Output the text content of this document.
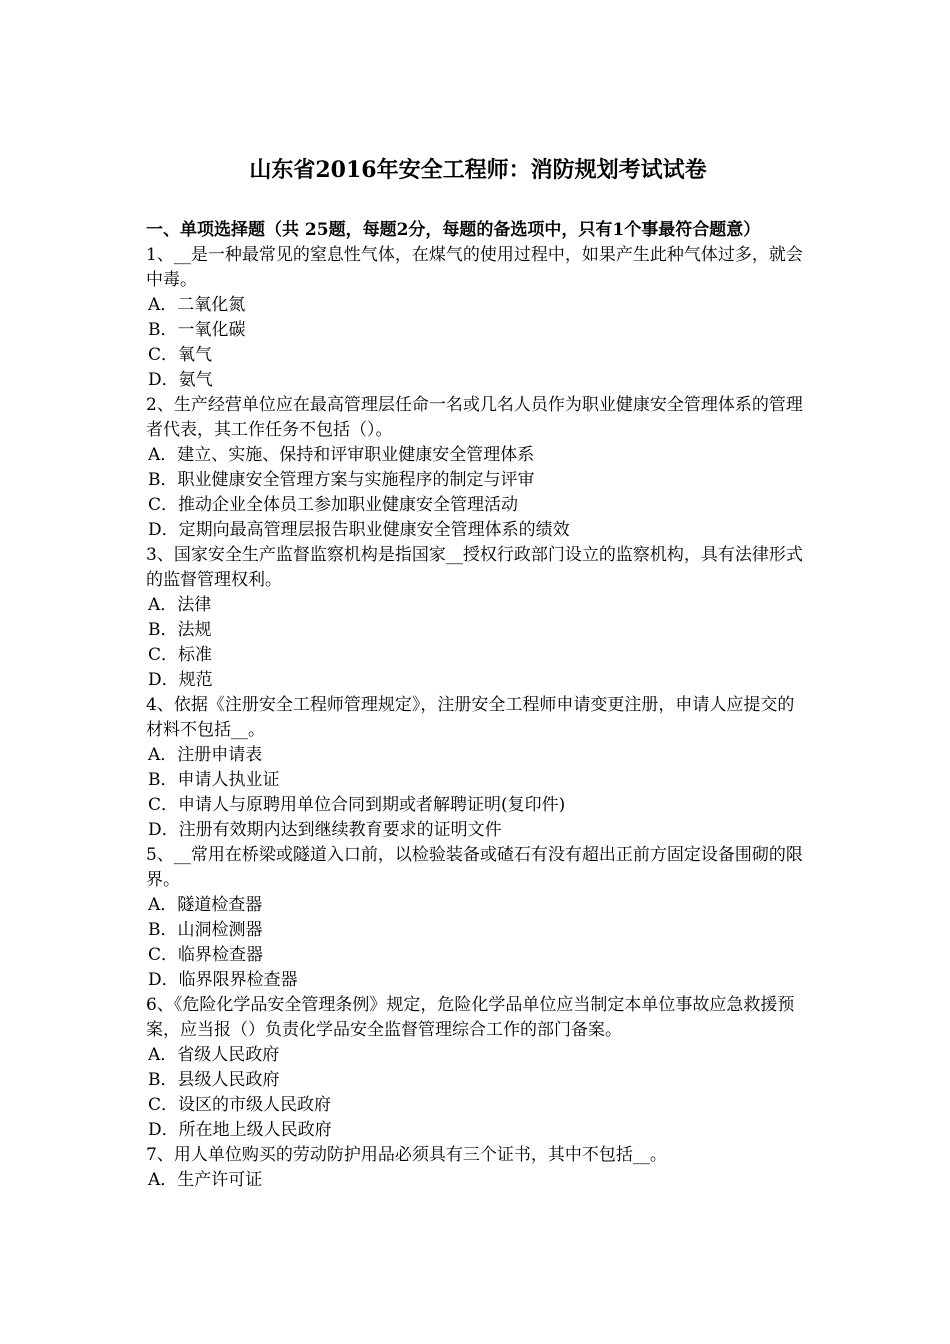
山东省2016年安全工程师：消防规划考试试卷
一、单项选择题（共 25题，每题2分，每题的备选项中，只有1个事最符合题意）

1、__是一种最常见的窒息性气体，在煤气的使用过程中，如果产生此种气体过多，就会中毒。

A．二氧化氮
B．一氧化碳
C．氧气
D．氨气

2、生产经营单位应在最高管理层任命一名或几名人员作为职业健康安全管理体系的管理者代表，其工作任务不包括（）。

A．建立、实施、保持和评审职业健康安全管理体系
B．职业健康安全管理方案与实施程序的制定与评审
C．推动企业全体员工参加职业健康安全管理活动
D．定期向最高管理层报告职业健康安全管理体系的绩效

3、国家安全生产监督监察机构是指国家__授权行政部门设立的监察机构，具有法律形式的监督管理权利。

A．法律
B．法规
C．标准
D．规范

4、依据《注册安全工程师管理规定》，注册安全工程师申请变更注册，申请人应提交的材料不包括__。

A．注册申请表
B．申请人执业证
C．申请人与原聘用单位合同到期或者解聘证明(复印件)
D．注册有效期内达到继续教育要求的证明文件

5、__常用在桥梁或隧道入口前，以检验装备或碴石有没有超出正前方固定设备围砌的限界。

A．隧道检查器
B．山洞检测器
C．临界检查器
D．临界限界检查器

6、《危险化学品安全管理条例》规定，危险化学品单位应当制定本单位事故应急救援预案，应当报（）负责化学品安全监督管理综合工作的部门备案。

A．省级人民政府
B．县级人民政府
C．设区的市级人民政府
D．所在地上级人民政府

7、用人单位购买的劳动防护用品必须具有三个证书，其中不包括__。

A．生产许可证
